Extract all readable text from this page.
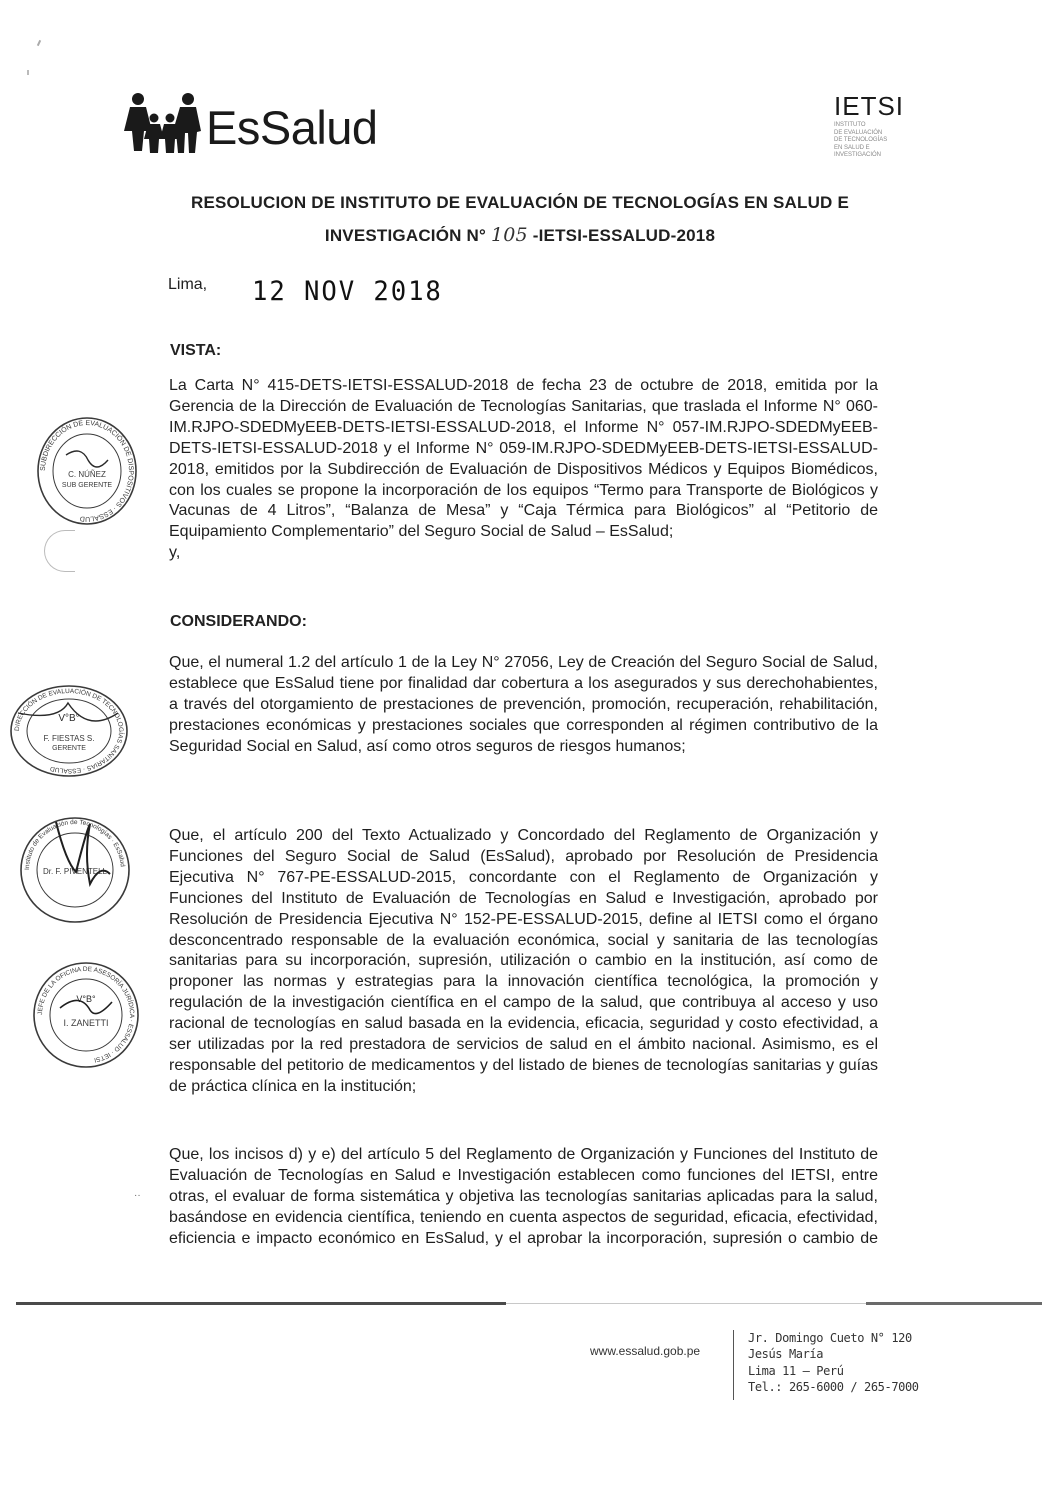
EsSalud	IETSI
INSTITUTO
DE EVALUACIÓN
DE TECNOLOGÍAS
EN SALUD E
INVESTIGACIÓN
RESOLUCION DE INSTITUTO DE EVALUACIÓN DE TECNOLOGÍAS EN SALUD E
INVESTIGACIÓN N° 105 -IETSI-ESSALUD-2018
Lima, 12 NOV 2018
VISTA:
La Carta N° 415-DETS-IETSI-ESSALUD-2018 de fecha 23 de octubre de 2018, emitida por la Gerencia de la Dirección de Evaluación de Tecnologías Sanitarias, que traslada el Informe N° 060-IM.RJPO-SDEDMyEEB-DETS-IETSI-ESSALUD-2018, el Informe N° 057-IM.RJPO-SDEDMyEEB-DETS-IETSI-ESSALUD-2018 y el Informe N° 059-IM.RJPO-SDEDMyEEB-DETS-IETSI-ESSALUD-2018, emitidos por la Subdirección de Evaluación de Dispositivos Médicos y Equipos Biomédicos, con los cuales se propone la incorporación de los equipos “Termo para Transporte de Biológicos y Vacunas de 4 Litros”, “Balanza de Mesa” y “Caja Térmica para Biológicos” al “Petitorio de Equipamiento Complementario” del Seguro Social de Salud – EsSalud;
y,
CONSIDERANDO:

Que, el numeral 1.2 del artículo 1 de la Ley N° 27056, Ley de Creación del Seguro Social de Salud, establece que EsSalud tiene por finalidad dar cobertura a los asegurados y sus derechohabientes, a través del otorgamiento de prestaciones de prevención, promoción, recuperación, rehabilitación, prestaciones económicas y prestaciones sociales que corresponden al régimen contributivo de la Seguridad Social en Salud, así como otros seguros de riesgos humanos;

Que, el artículo 200 del Texto Actualizado y Concordado del Reglamento de Organización y Funciones del Seguro Social de Salud (EsSalud), aprobado por Resolución de Presidencia Ejecutiva N° 767-PE-ESSALUD-2015, concordante con el Reglamento de Organización y Funciones del Instituto de Evaluación de Tecnologías en Salud e Investigación, aprobado por Resolución de Presidencia Ejecutiva N° 152-PE-ESSALUD-2015, define al IETSI como el órgano desconcentrado responsable de la evaluación económica, social y sanitaria de las tecnologías sanitarias para su incorporación, supresión, utilización o cambio en la institución, así como de proponer las normas y estrategias para la innovación científica tecnológica, la promoción y regulación de la investigación científica en el campo de la salud, que contribuya al acceso y uso racional de tecnologías en salud basada en la evidencia, eficacia, seguridad y costo efectividad, a ser utilizadas por la red prestadora de servicios de salud en el ámbito nacional. Asimismo, es el responsable del petitorio de medicamentos y del listado de bienes de tecnologías sanitarias y guías de práctica clínica en la institución;

Que, los incisos d) y e) del artículo 5 del Reglamento de Organización y Funciones del Instituto de Evaluación de Tecnologías en Salud e Investigación establecen como funciones del IETSI, entre otras, el evaluar de forma sistemática y objetiva las tecnologías sanitarias aplicadas para la salud, basándose en evidencia científica, teniendo en cuenta aspectos de seguridad, eficacia, efectividad, eficiencia e impacto económico en EsSalud, y el aprobar la incorporación, supresión o cambio de

SUBDIRECCIÓN DE EVALUACIÓN DE DISPOSITIVOS · ESSALUD
C. NÚÑEZ
SUB GERENTE
DIRECCIÓN DE EVALUACIÓN DE TECNOLOGÍAS SANITARIAS · ESSALUD
V°B°
F. FIESTAS S.
GERENTE
Instituto de Evaluación de Tecnologías · EsSalud
Dr. F. PIVENTELL
JEFE DE LA OFICINA DE ASESORÍA JURÍDICA · ESSALUD · IETSI
V°B°
I. ZANETTI
··
www.essalud.gob.pe
Jr. Domingo Cueto N° 120
Jesús María
Lima 11 – Perú
Tel.: 265-6000 / 265-7000
